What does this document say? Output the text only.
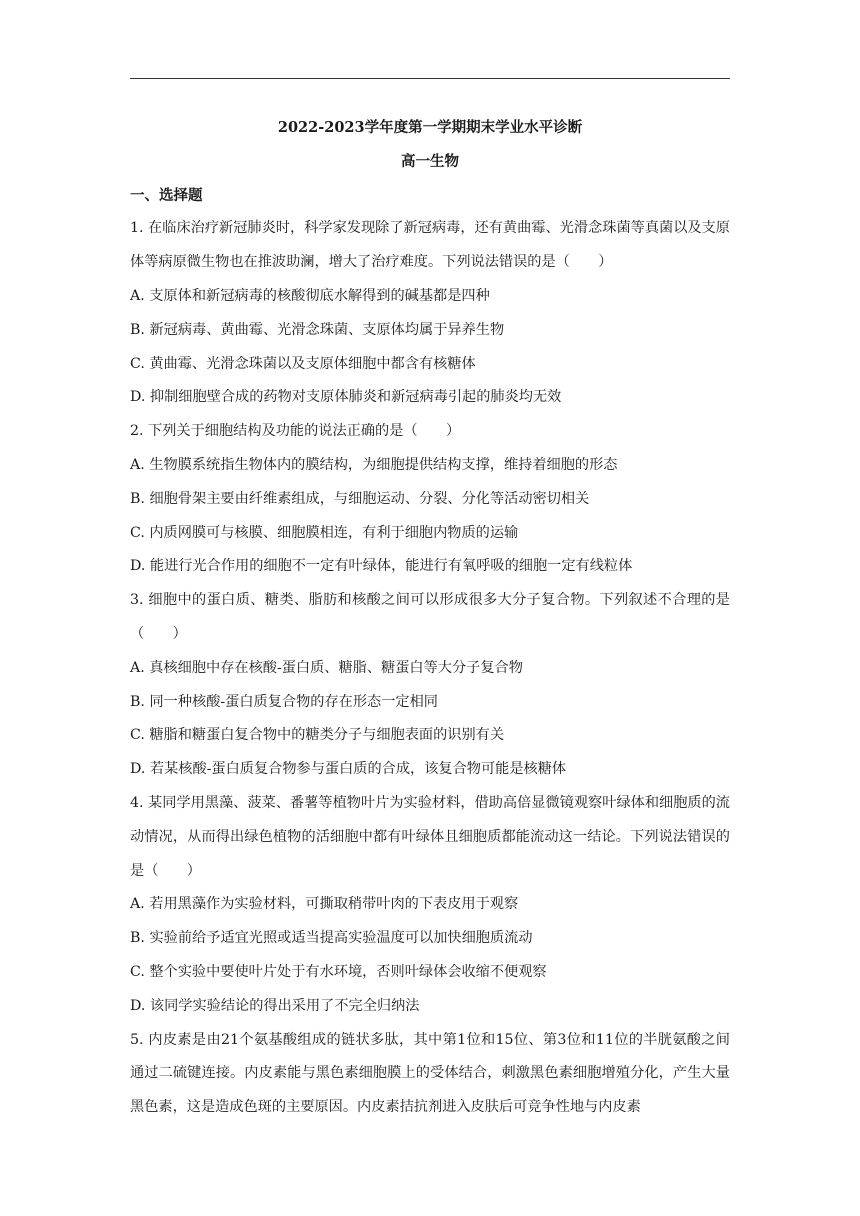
2022-2023学年度第一学期期末学业水平诊断
高一生物
一、选择题
1. 在临床治疗新冠肺炎时，科学家发现除了新冠病毒，还有黄曲霉、光滑念珠菌等真菌以及支原体等病原微生物也在推波助澜，增大了治疗难度。下列说法错误的是（　　）
A. 支原体和新冠病毒的核酸彻底水解得到的碱基都是四种
B. 新冠病毒、黄曲霉、光滑念珠菌、支原体均属于异养生物
C. 黄曲霉、光滑念珠菌以及支原体细胞中都含有核糖体
D. 抑制细胞壁合成的药物对支原体肺炎和新冠病毒引起的肺炎均无效
2. 下列关于细胞结构及功能的说法正确的是（　　）
A. 生物膜系统指生物体内的膜结构，为细胞提供结构支撑，维持着细胞的形态
B. 细胞骨架主要由纤维素组成，与细胞运动、分裂、分化等活动密切相关
C. 内质网膜可与核膜、细胞膜相连，有利于细胞内物质的运输
D. 能进行光合作用的细胞不一定有叶绿体，能进行有氧呼吸的细胞一定有线粒体
3. 细胞中的蛋白质、糖类、脂肪和核酸之间可以形成很多大分子复合物。下列叙述不合理的是（　　）
A. 真核细胞中存在核酸-蛋白质、糖脂、糖蛋白等大分子复合物
B. 同一种核酸-蛋白质复合物的存在形态一定相同
C. 糖脂和糖蛋白复合物中的糖类分子与细胞表面的识别有关
D. 若某核酸-蛋白质复合物参与蛋白质的合成，该复合物可能是核糖体
4. 某同学用黑藻、菠菜、番薯等植物叶片为实验材料，借助高倍显微镜观察叶绿体和细胞质的流动情况，从而得出绿色植物的活细胞中都有叶绿体且细胞质都能流动这一结论。下列说法错误的是（　　）
A. 若用黑藻作为实验材料，可撕取稍带叶肉的下表皮用于观察
B. 实验前给予适宜光照或适当提高实验温度可以加快细胞质流动
C. 整个实验中要使叶片处于有水环境，否则叶绿体会收缩不便观察
D. 该同学实验结论的得出采用了不完全归纳法
5. 内皮素是由21个氨基酸组成的链状多肽，其中第1位和15位、第3位和11位的半胱氨酸之间通过二硫键连接。内皮素能与黑色素细胞膜上的受体结合，刺激黑色素细胞增殖分化，产生大量黑色素，这是造成色斑的主要原因。内皮素拮抗剂进入皮肤后可竞争性地与内皮素
